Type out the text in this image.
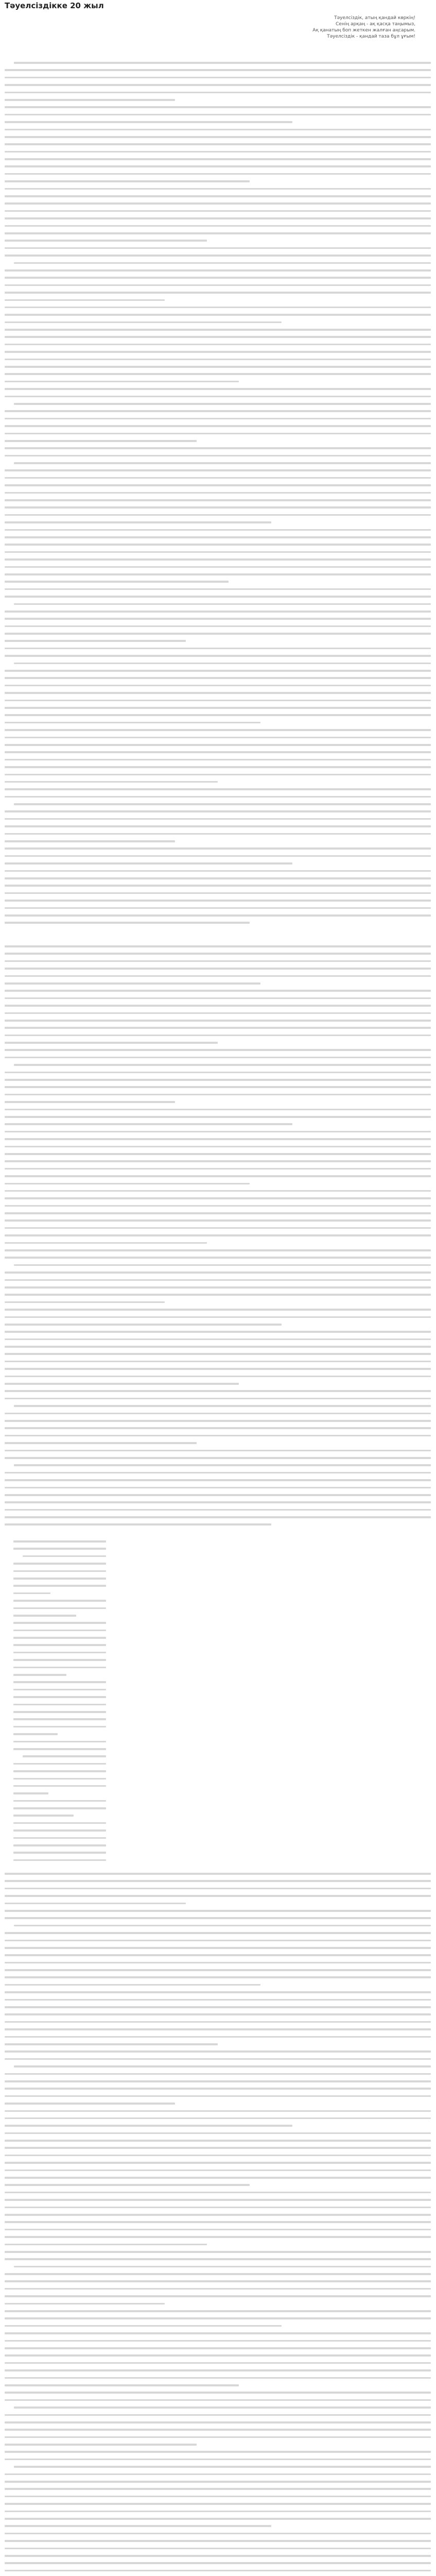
Тәуелсіздікке 20 жыл
Тәуелсіздік, атың қандай көркің!
Сенің арқаң - ақ қасқа таңымыз,
Ақ қанатың боп жеткен жалған аңсарым.
Тәуелсіздік - қандай таза бұл ұғым!
